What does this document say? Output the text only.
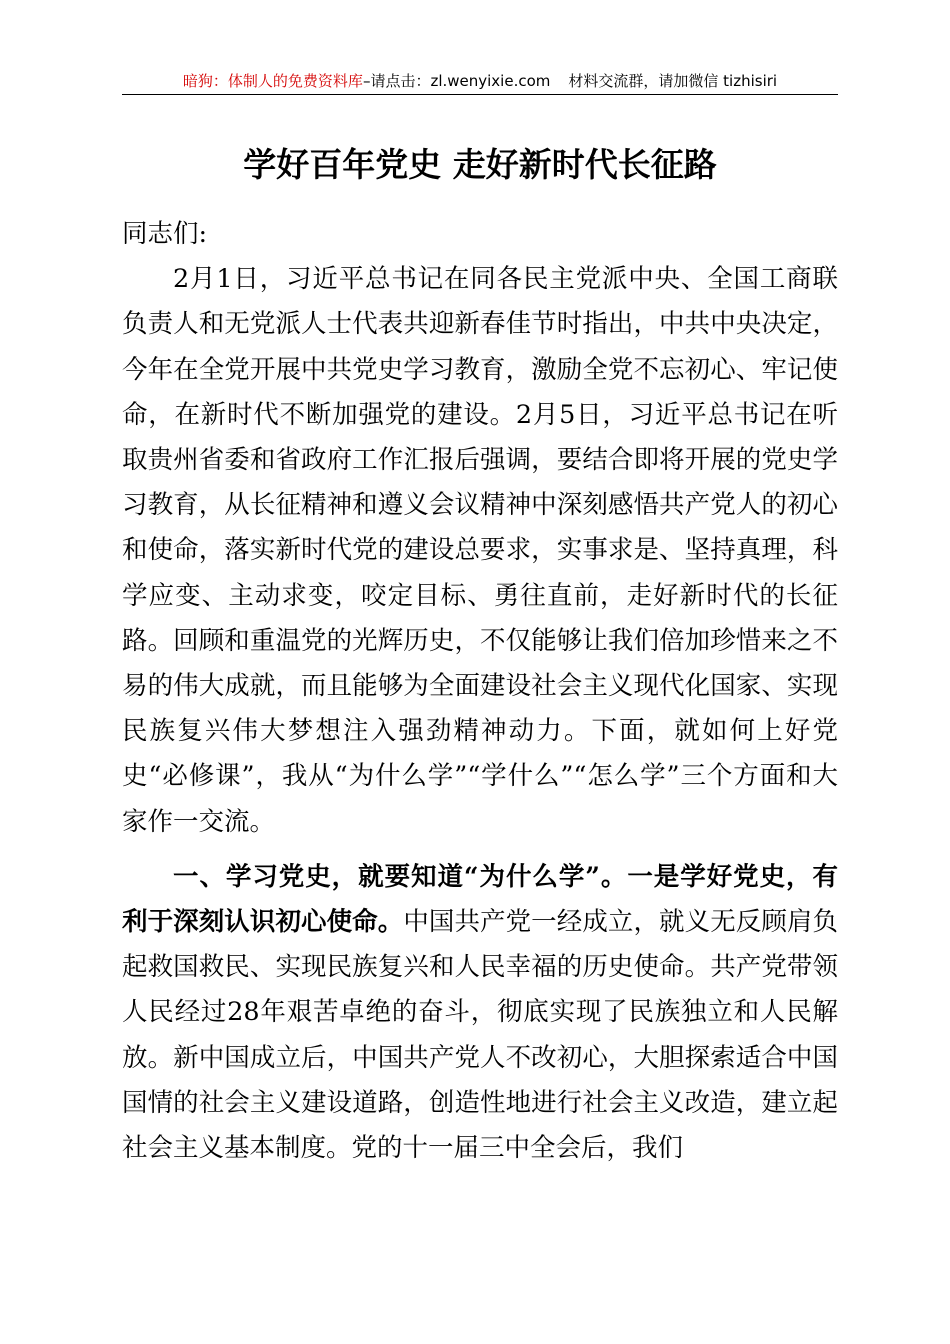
暗狗：体制人的免费资料库–请点击：zl.wenyixie.com 材料交流群，请加微信 tizhisiri
学好百年党史 走好新时代长征路

同志们:

2月1日，习近平总书记在同各民主党派中央、全国工商联负责人和无党派人士代表共迎新春佳节时指出，中共中央决定，今年在全党开展中共党史学习教育，激励全党不忘初心、牢记使命，在新时代不断加强党的建设。2月5日，习近平总书记在听取贵州省委和省政府工作汇报后强调，要结合即将开展的党史学习教育，从长征精神和遵义会议精神中深刻感悟共产党人的初心和使命，落实新时代党的建设总要求，实事求是、坚持真理，科学应变、主动求变，咬定目标、勇往直前，走好新时代的长征路。回顾和重温党的光辉历史，不仅能够让我们倍加珍惜来之不易的伟大成就，而且能够为全面建设社会主义现代化国家、实现民族复兴伟大梦想注入强劲精神动力。下面，就如何上好党史“必修课”，我从“为什么学”“学什么”“怎么学”三个方面和大家作一交流。

一、学习党史，就要知道“为什么学”。一是学好党史，有利于深刻认识初心使命。中国共产党一经成立，就义无反顾肩负起救国救民、实现民族复兴和人民幸福的历史使命。共产党带领人民经过28年艰苦卓绝的奋斗，彻底实现了民族独立和人民解放。新中国成立后，中国共产党人不改初心，大胆探索适合中国国情的社会主义建设道路，创造性地进行社会主义改造，建立起社会主义基本制度。党的十一届三中全会后，我们
